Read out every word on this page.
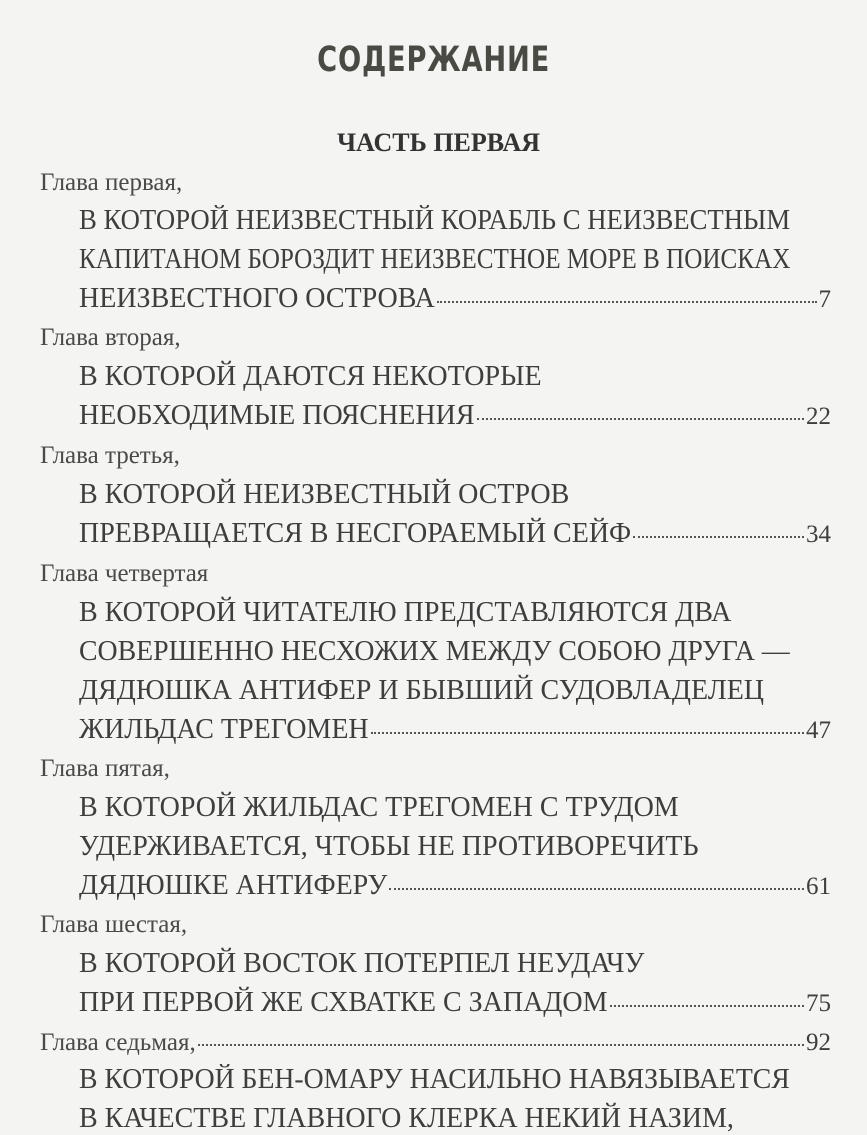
СОДЕРЖАНИЕ
ЧАСТЬ ПЕРВАЯ
Глава первая,
В КОТОРОЙ НЕИЗВЕСТНЫЙ КОРАБЛЬ С НЕИЗВЕСТНЫМ
КАПИТАНОМ БОРОЗДИТ НЕИЗВЕСТНОЕ МОРЕ В ПОИСКАХ
НЕИЗВЕСТНОГО ОСТРОВА	7
Глава вторая,
В КОТОРОЙ ДАЮТСЯ НЕКОТОРЫЕ
НЕОБХОДИМЫЕ ПОЯСНЕНИЯ	22
Глава третья,
В КОТОРОЙ НЕИЗВЕСТНЫЙ ОСТРОВ
ПРЕВРАЩАЕТСЯ В НЕСГОРАЕМЫЙ СЕЙФ	34
Глава четвертая
В КОТОРОЙ ЧИТАТЕЛЮ ПРЕДСТАВЛЯЮТСЯ ДВА
СОВЕРШЕННО НЕСХОЖИХ МЕЖДУ СОБОЮ ДРУГА —
ДЯДЮШКА АНТИФЕР И БЫВШИЙ СУДОВЛАДЕЛЕЦ
ЖИЛЬДАС ТРЕГОМЕН	47
Глава пятая,
В КОТОРОЙ ЖИЛЬДАС ТРЕГОМЕН С ТРУДОМ
УДЕРЖИВАЕТСЯ, ЧТОБЫ НЕ ПРОТИВОРЕЧИТЬ
ДЯДЮШКЕ АНТИФЕРУ	61
Глава шестая,
В КОТОРОЙ ВОСТОК ПОТЕРПЕЛ НЕУДАЧУ
ПРИ ПЕРВОЙ ЖЕ СХВАТКЕ С ЗАПАДОМ	75
Глава седьмая,	92
В КОТОРОЙ БЕН-ОМАРУ НАСИЛЬНО НАВЯЗЫВАЕТСЯ
В КАЧЕСТВЕ ГЛАВНОГО КЛЕРКА НЕКИЙ НАЗИМ,
